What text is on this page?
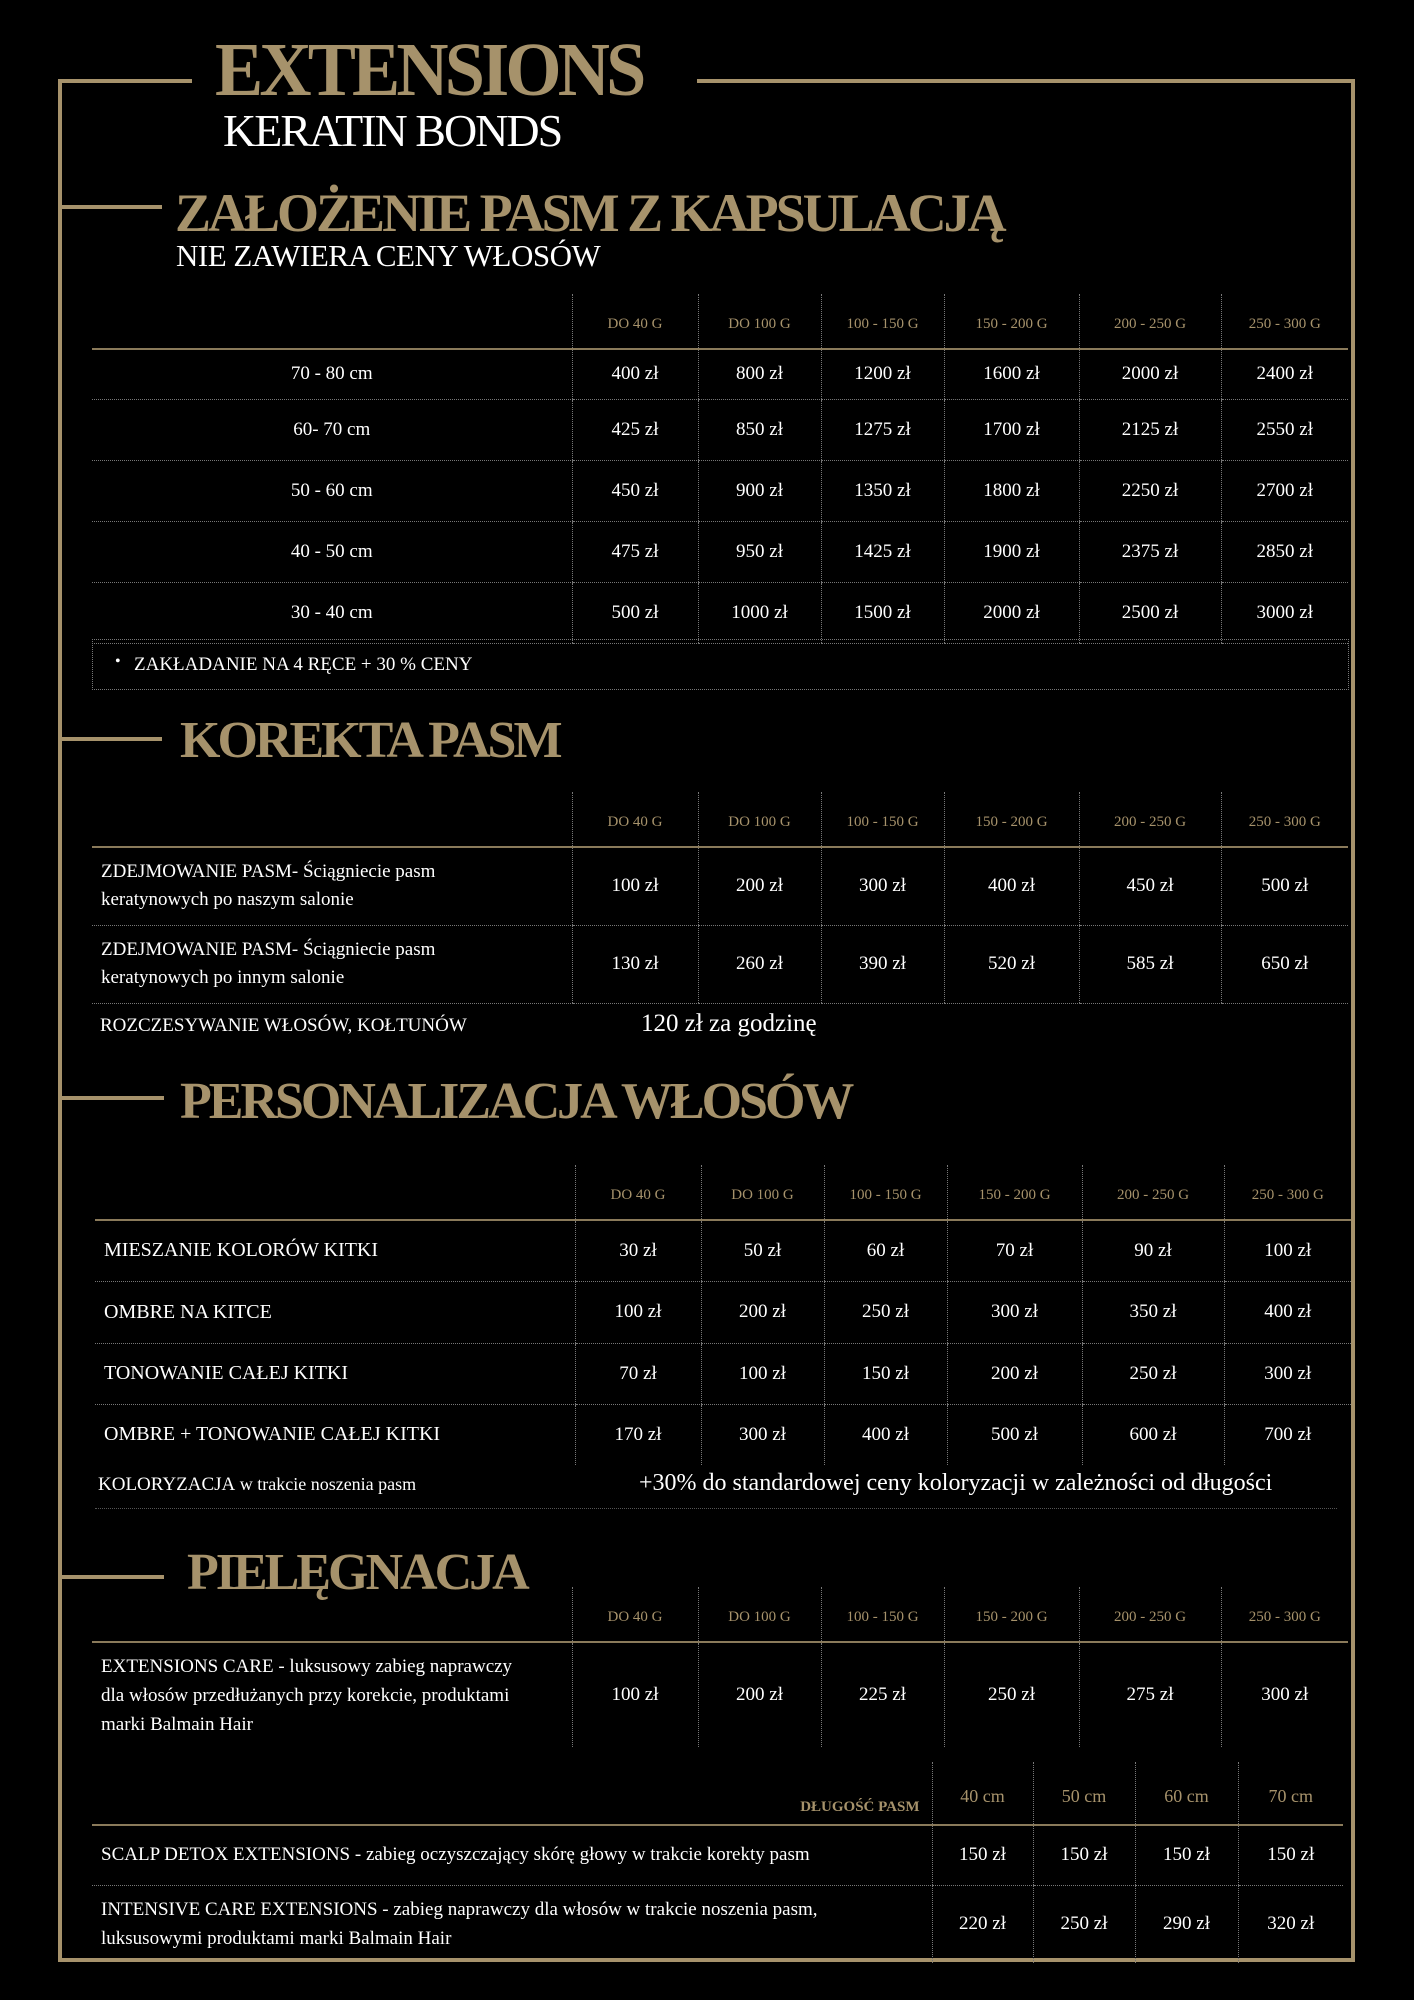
EXTENSIONS
KERATIN BONDS
ZAŁOŻENIE PASM Z KAPSULACJĄ
NIE ZAWIERA CENY WŁOSÓW
	DO 40 G	DO 100 G	100 - 150 G	150 - 200 G	200 - 250 G	250 - 300 G
70 - 80 cm	400 zł	800 zł	1200 zł	1600 zł	2000 zł	2400 zł
60- 70 cm	425 zł	850 zł	1275 zł	1700 zł	2125 zł	2550 zł
50 - 60 cm	450 zł	900 zł	1350 zł	1800 zł	2250 zł	2700 zł
40 - 50 cm	475 zł	950 zł	1425 zł	1900 zł	2375 zł	2850 zł
30 - 40 cm	500 zł	1000 zł	1500 zł	2000 zł	2500 zł	3000 zł
• ZAKŁADANIE NA 4 RĘCE + 30 % CENY
KOREKTA PASM
	DO 40 G	DO 100 G	100 - 150 G	150 - 200 G	200 - 250 G	250 - 300 G

ZDEJMOWANIE PASM- Ściągniecie pasm
keratynowych po naszym salonie	100 zł	200 zł	300 zł	400 zł	450 zł	500 zł

ZDEJMOWANIE PASM- Ściągniecie pasm
keratynowych po innym salonie	130 zł	260 zł	390 zł	520 zł	585 zł	650 zł
ROZCZESYWANIE WŁOSÓW, KOŁTUNÓW	120 zł za godzinę
PERSONALIZACJA WŁOSÓW
	DO 40 G	DO 100 G	100 - 150 G	150 - 200 G	200 - 250 G	250 - 300 G
MIESZANIE KOLORÓW KITKI	30 zł	50 zł	60 zł	70 zł	90 zł	100 zł
OMBRE NA KITCE	100 zł	200 zł	250 zł	300 zł	350 zł	400 zł
TONOWANIE CAŁEJ KITKI	70 zł	100 zł	150 zł	200 zł	250 zł	300 zł
OMBRE + TONOWANIE CAŁEJ KITKI	170 zł	300 zł	400 zł	500 zł	600 zł	700 zł
KOLORYZACJA w trakcie noszenia pasm	+30% do standardowej ceny koloryzacji w zależności od długości
PIELĘGNACJA
	DO 40 G	DO 100 G	100 - 150 G	150 - 200 G	200 - 250 G	250 - 300 G

EXTENSIONS CARE - luksusowy zabieg naprawczy
dla włosów przedłużanych przy korekcie, produktami
marki Balmain Hair	100 zł	200 zł	225 zł	250 zł	275 zł	300 zł
DŁUGOŚĆ PASM	40 cm	50 cm	60 cm	70 cm
SCALP DETOX EXTENSIONS - zabieg oczyszczający skórę głowy w trakcie korekty pasm	150 zł	150 zł	150 zł	150 zł

INTENSIVE CARE EXTENSIONS - zabieg naprawczy dla włosów w trakcie noszenia pasm,
luksusowymi produktami marki Balmain Hair	220 zł	250 zł	290 zł	320 zł
